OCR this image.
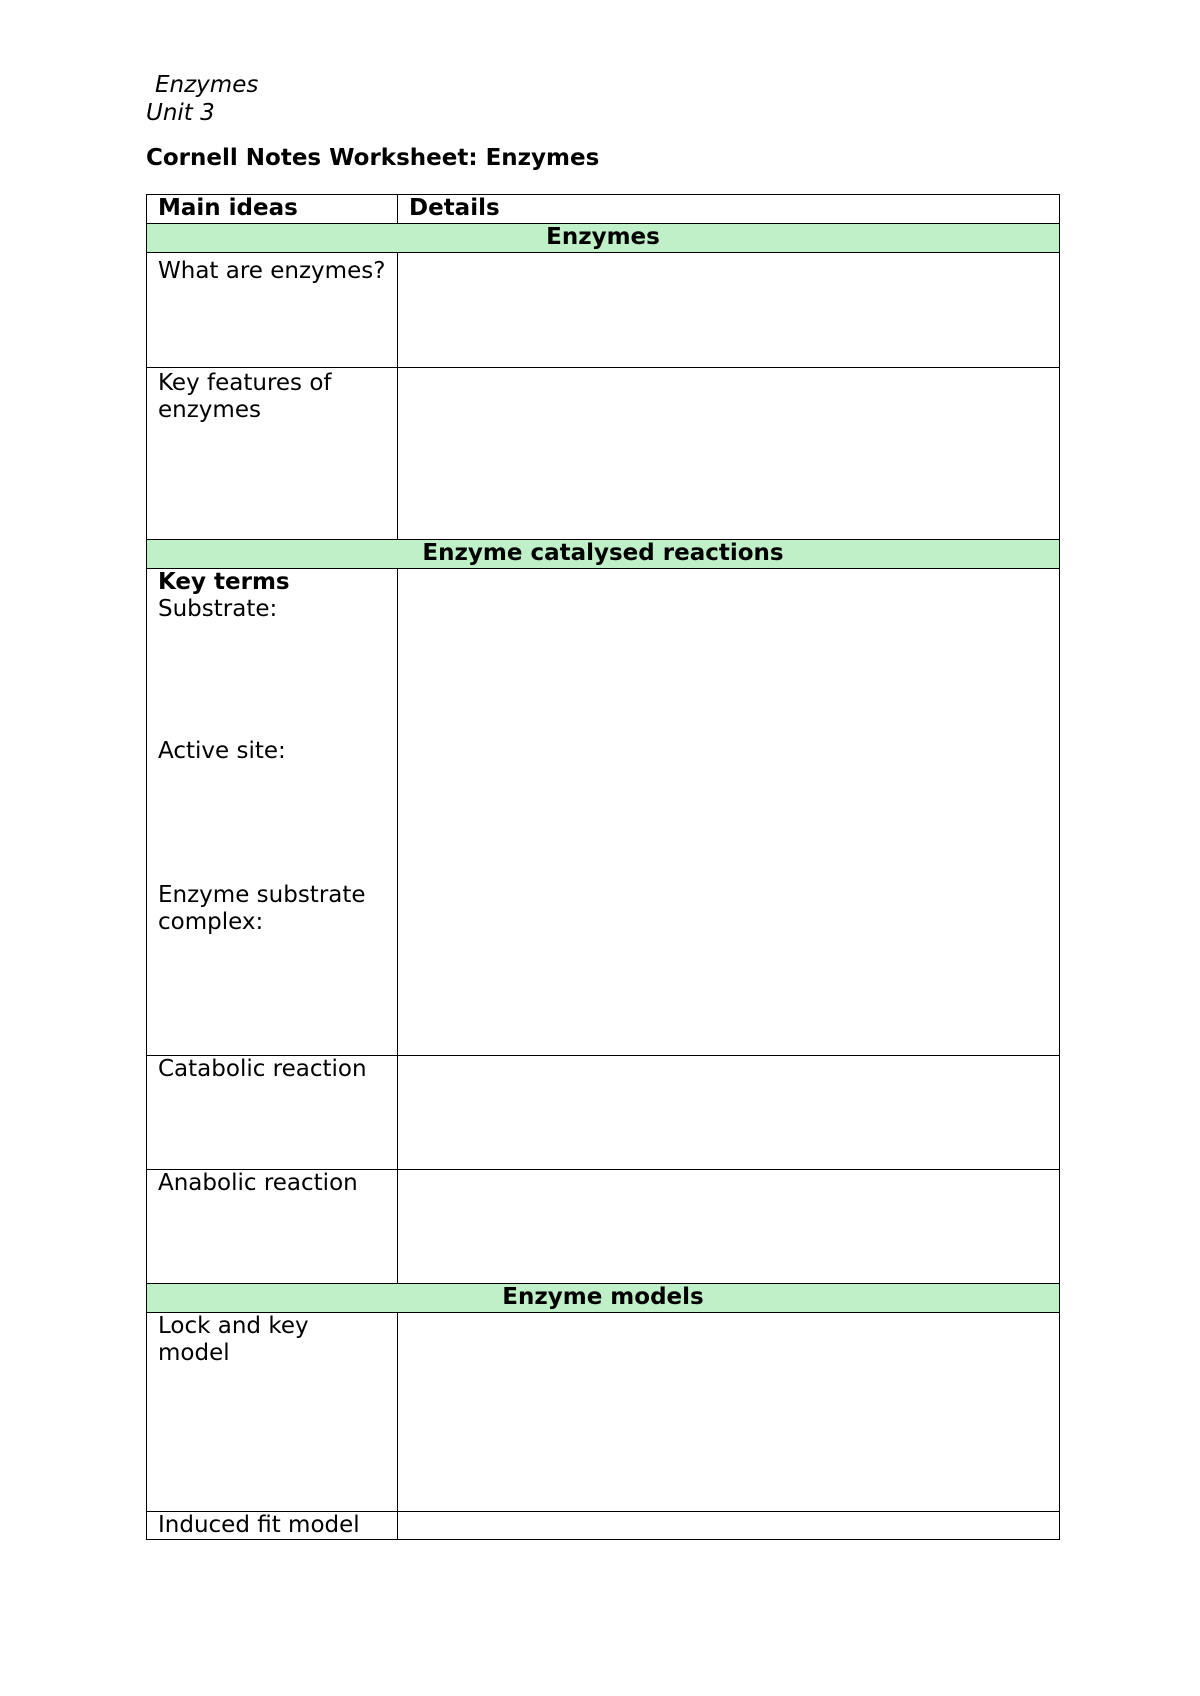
Enzymes
Unit 3
Cornell Notes Worksheet: Enzymes
Main ideas	Details
Enzymes	
What are enzymes?	
Key features of enzymes	
Enzyme catalysed reactions	

Key terms
Substrate:
Active site:
Enzyme substrate complex:	

Catabolic reaction	
Anabolic reaction	
Enzyme models	
Lock and key model	
Induced fit model	
